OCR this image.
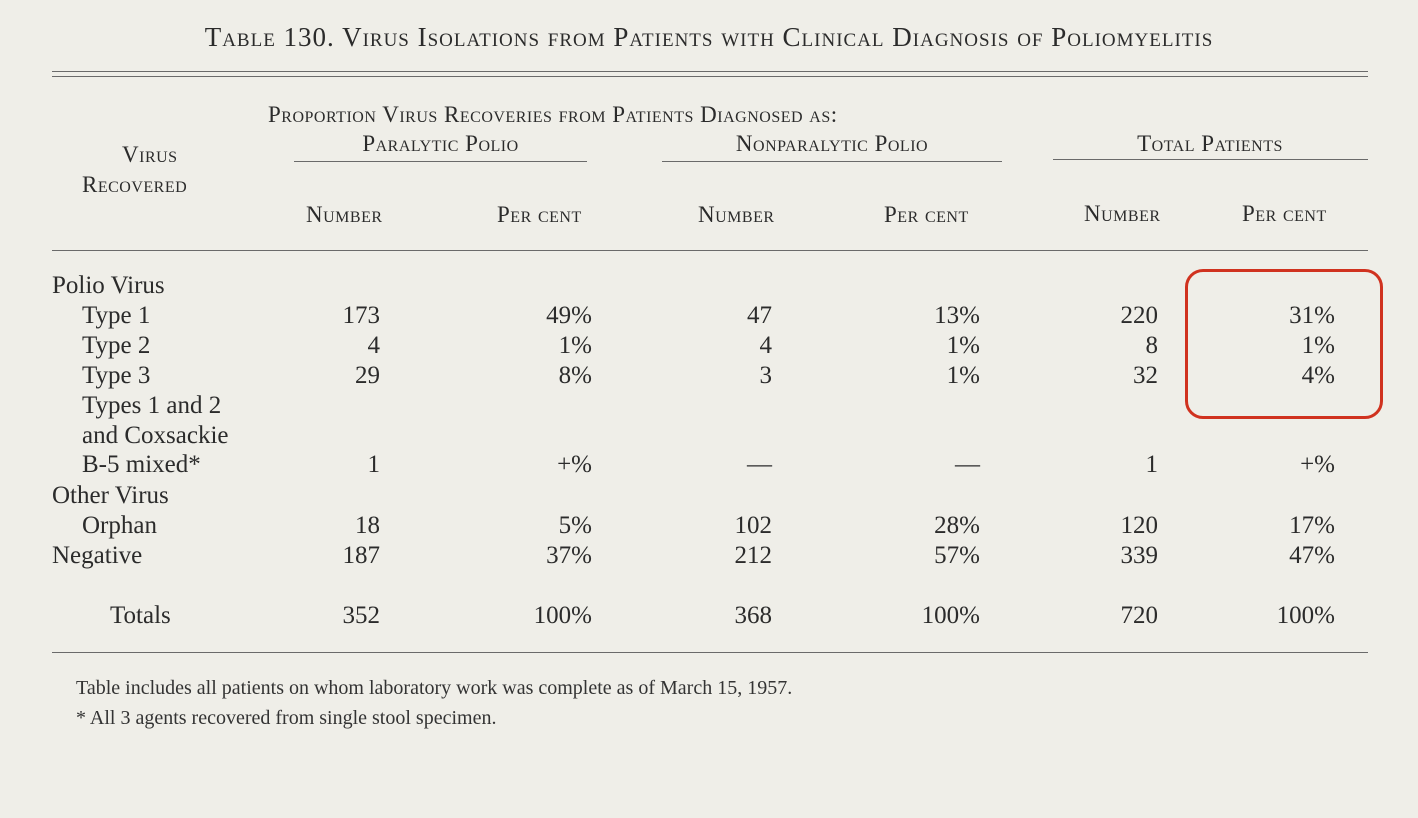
Table 130. Virus Isolations from Patients with Clinical Diagnosis of Poliomyelitis
Proportion Virus Recoveries from Patients Diagnosed as:
Virus
Recovered
Paralytic Polio	Nonparalytic Polio	Total Patients
Number	Per cent	Number	Per cent	Number	Per cent
Polio Virus
Type 1	173	49%	47	13%	220	31%
Type 2	4	1%	4	1%	8	1%
Type 3	29	8%	3	1%	32	4%
Types 1 and 2
and Coxsackie
B-5 mixed*	1	+%	—	—	1	+%
Other Virus
Orphan	18	5%	102	28%	120	17%
Negative	187	37%	212	57%	339	47%
Totals	352	100%	368	100%	720	100%
Table includes all patients on whom laboratory work was complete as of March 15, 1957.
* All 3 agents recovered from single stool specimen.
